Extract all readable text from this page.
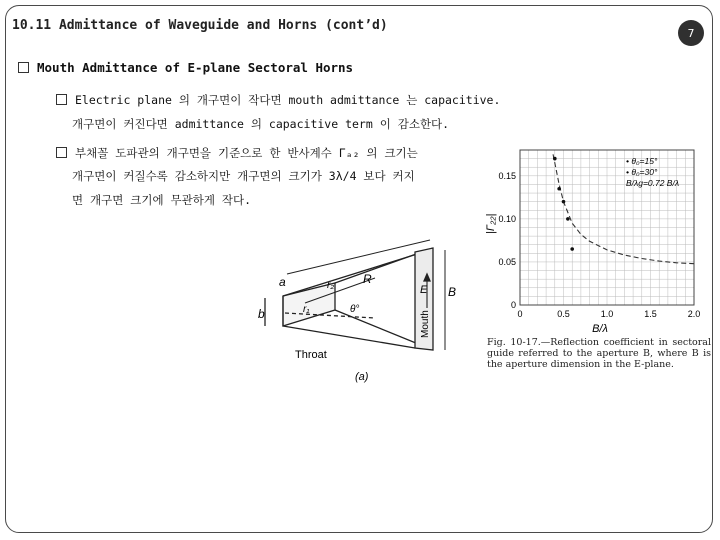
10.11 Admittance of Waveguide and Horns (cont’d)	7
Mouth Admittance of E-plane Sectoral Horns
Electric plane 의 개구면이 작다면 mouth admittance 는 capacitive.
개구면이 커진다면 admittance 의 capacitive term 이 감소한다.
부채꼴 도파관의 개구면을 기준으로 한 반사계수 Γₐ₂ 의 크기는
개구면이 커질수록 감소하지만 개구면의 크기가 3λ/4 보다 커지
면 개구면 크기에 무관하게 작다.
a
b	r₁
r₂ R
θ°
E B
Mouth
Throat
(a)
0	0.5	1.0	1.5	2.0
0
0.05
0.10
0.15
• θ₀=15°
• θ₀=30°
B/λg=0.72 B/λ
|Γ₂₂|
B/λ
Fig. 10-17.—Reflection coefficient in sectoral guide referred to the aperture B, where B is the aperture dimension in the E-plane.
